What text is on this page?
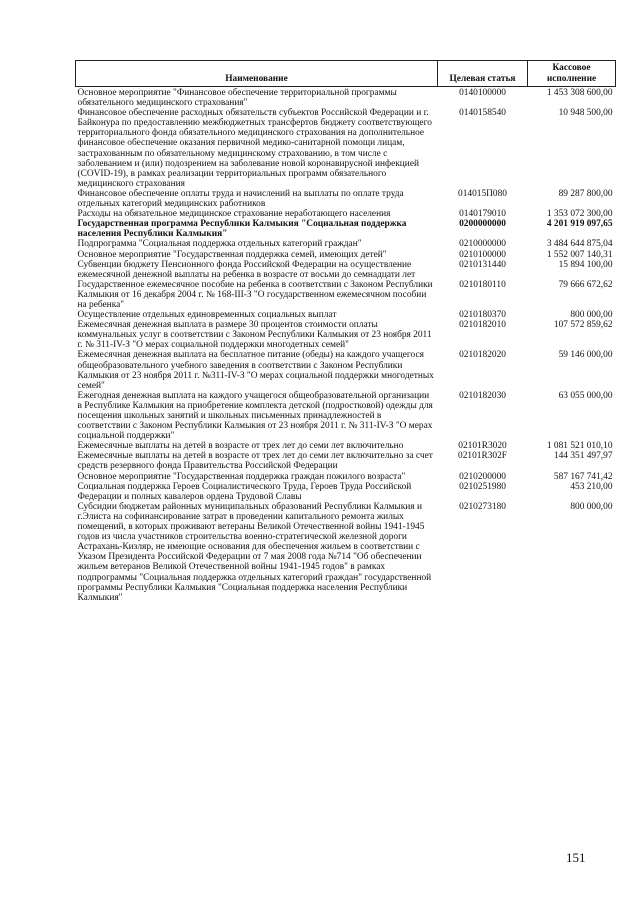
Наименование	Целевая статья	Кассовое исполнение
Основное мероприятие "Финансовое обеспечение территориальной программы обязательного медицинского страхования"	0140100000	1 453 308 600,00
Финансовое обеспечение расходных обязательств субъектов Российской Федерации и г. Байконура по предоставлению межбюджетных трансфертов бюджету соответствующего территориального фонда обязательного медицинского страхования на дополнительное финансовое обеспечение оказания первичной медико-санитарной помощи лицам, застрахованным по обязательному медицинскому страхованию, в том числе с заболеванием и (или) подозрением на заболевание новой коронавирусной инфекцией (COVID-19), в рамках реализации территориальных программ обязательного медицинского страхования	0140158540	10 948 500,00
Финансовое обеспечение оплаты труда и начислений на выплаты по оплате труда отдельных категорий медицинских работников	014015П080	89 287 800,00
Расходы на обязательное медицинское страхование неработающего населения	0140179010	1 353 072 300,00
Государственная программа Республики Калмыкия "Социальная поддержка населения Республики Калмыкия"	0200000000	4 201 919 097,65
Подпрограмма "Социальная поддержка отдельных категорий граждан"	0210000000	3 484 644 875,04
Основное мероприятие "Государственная поддержка семей, имеющих детей"	0210100000	1 552 007 140,31
Субвенции бюджету Пенсионного фонда Российской Федерации на осуществление ежемесячной денежной выплаты на ребенка в возрасте от восьми до семнадцати лет	0210131440	15 894 100,00
Государственное ежемесячное пособие на ребенка в соответствии с Законом Республики Калмыкия от 16 декабря 2004 г. № 168-III-З "О государственном ежемесячном пособии на ребенка"	0210180110	79 666 672,62
Осуществление отдельных единовременных социальных выплат	0210180370	800 000,00
Ежемесячная денежная выплата в размере 30 процентов стоимости оплаты коммунальных услуг в соответствии с Законом Республики Калмыкия от 23 ноября 2011 г. № 311-IV-З "О мерах социальной поддержки многодетных семей"	0210182010	107 572 859,62
Ежемесячная денежная выплата на бесплатное питание (обеды) на каждого учащегося общеобразовательного учебного заведения в соответствии с Законом Республики Калмыкия от 23 ноября 2011 г. №311-IV-З "О мерах социальной поддержки многодетных семей"	0210182020	59 146 000,00
Ежегодная денежная выплата на каждого учащегося общеобразовательной организации в Республике Калмыкия на приобретение комплекта детской (подростковой) одежды для посещения школьных занятий и школьных письменных принадлежностей в соответствии с Законом Республики Калмыкия от 23 ноября 2011 г. № 311-IV-З "О мерах социальной поддержки"	0210182030	63 055 000,00
Ежемесячные выплаты на детей в возрасте от трех лет до семи лет включительно	02101R3020	1 081 521 010,10
Ежемесячные выплаты на детей в возрасте от трех лет до семи лет включительно за счет средств резервного фонда Правительства Российской Федерации	02101R302F	144 351 497,97
Основное мероприятие "Государственная поддержка граждан пожилого возраста"	0210200000	587 167 741,42
Социальная поддержка Героев Социалистического Труда, Героев Труда Российской Федерации и полных кавалеров ордена Трудовой Славы	0210251980	453 210,00
Субсидии бюджетам районных муниципальных образований Республики Калмыкия и г.Элиста на софинансирование затрат в проведении капитального ремонта жилых помещений, в которых проживают ветераны Великой Отечественной войны 1941-1945 годов из числа участников строительства военно-стратегической железной дороги Астрахань-Кизляр, не имеющие основания для обеспечения жильем в соответствии с Указом Президента Российской Федерации от 7 мая 2008 года №714 "Об обеспечении жильем ветеранов Великой Отечественной войны 1941-1945 годов" в рамках подпрограммы "Социальная поддержка отдельных категорий граждан" государственной программы Республики Калмыкия "Социальная поддержка населения Республики Калмыкия"	0210273180	800 000,00
151
